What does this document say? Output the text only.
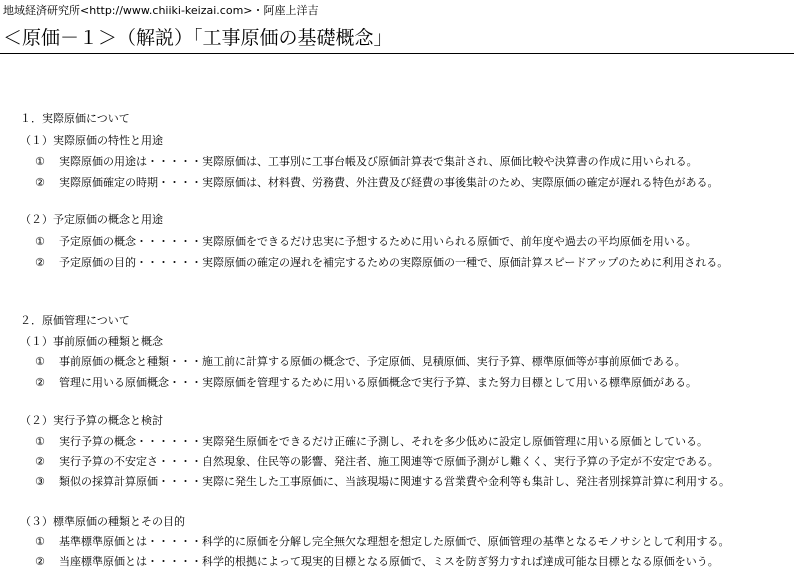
地域経済研究所<http://www.chiiki-keizai.com>・阿座上洋吉
＜原価－１＞（解説）「工事原価の基礎概念」
１．実際原価について
（１）実際原価の特性と用途
① 実際原価の用途は・・・・・実際原価は、工事別に工事台帳及び原価計算表で集計され、原価比較や決算書の作成に用いられる。
② 実際原価確定の時期・・・・実際原価は、材料費、労務費、外注費及び経費の事後集計のため、実際原価の確定が遅れる特色がある。
（２）予定原価の概念と用途
① 予定原価の概念・・・・・・実際原価をできるだけ忠実に予想するために用いられる原価で、前年度や過去の平均原価を用いる。
② 予定原価の目的・・・・・・実際原価の確定の遅れを補完するための実際原価の一種で、原価計算スピードアップのために利用される。
２．原価管理について
（１）事前原価の種類と概念
① 事前原価の概念と種類・・・施工前に計算する原価の概念で、予定原価、見積原価、実行予算、標準原価等が事前原価である。
② 管理に用いる原価概念・・・実際原価を管理するために用いる原価概念で実行予算、また努力目標として用いる標準原価がある。
（２）実行予算の概念と検討
① 実行予算の概念・・・・・・実際発生原価をできるだけ正確に予測し、それを多少低めに設定し原価管理に用いる原価としている。
② 実行予算の不安定さ・・・・自然現象、住民等の影響、発注者、施工関連等で原価予測がし難くく、実行予算の予定が不安定である。
③ 類似の採算計算原価・・・・実際に発生した工事原価に、当該現場に関連する営業費や金利等も集計し、発注者別採算計算に利用する。
（３）標準原価の種類とその目的
① 基準標準原価とは・・・・・科学的に原価を分解し完全無欠な理想を想定した原価で、原価管理の基準となるモノサシとして利用する。
② 当座標準原価とは・・・・・科学的根拠によって現実的目標となる原価で、ミスを防ぎ努力すれば達成可能な目標となる原価をいう。
